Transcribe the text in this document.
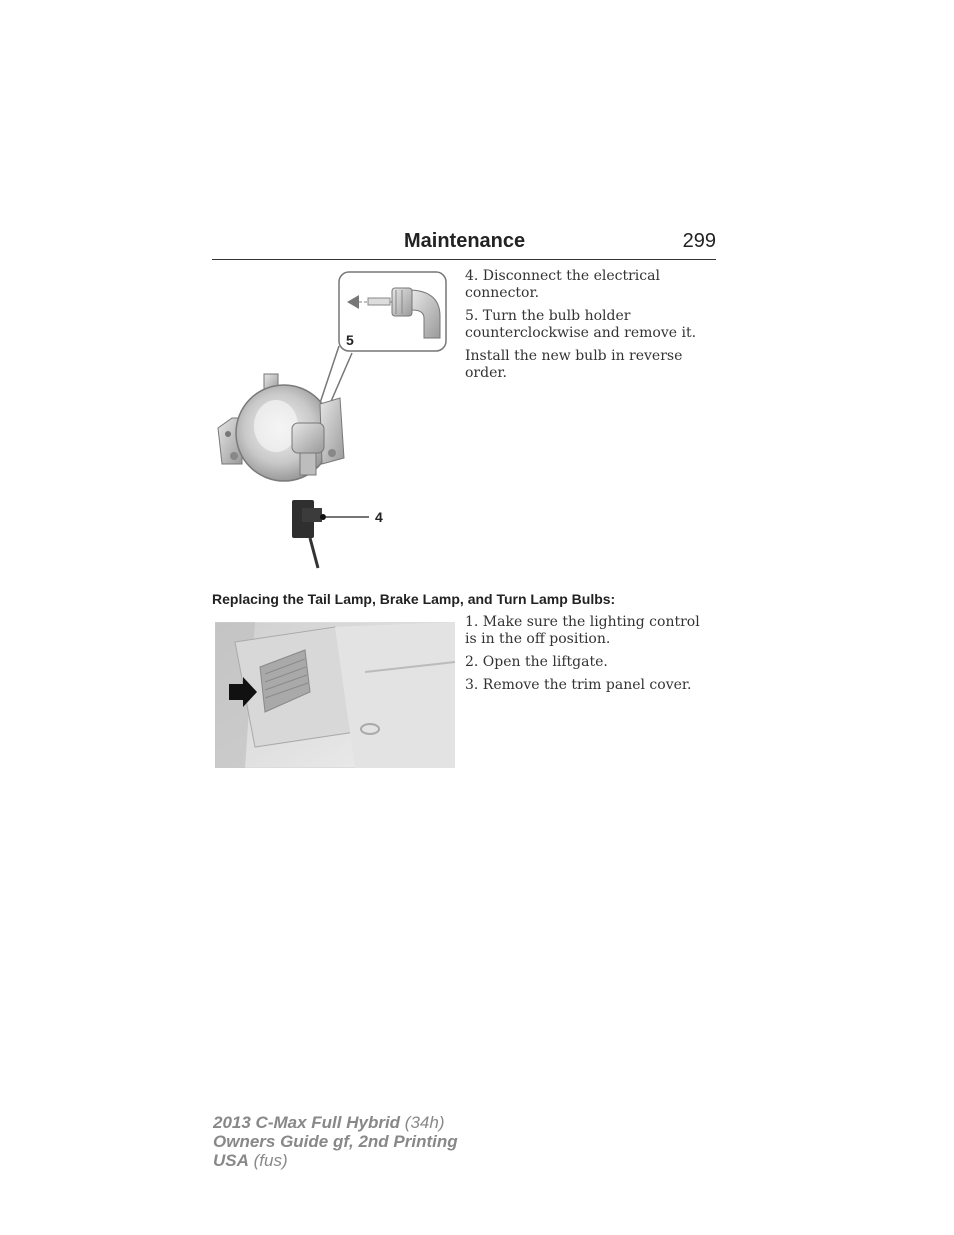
Maintenance	299
5
4

4. Disconnect the electrical connector.

5. Turn the bulb holder counterclockwise and remove it.

Install the new bulb in reverse order.

Replacing the Tail Lamp, Brake Lamp, and Turn Lamp Bulbs:

1. Make sure the lighting control is in the off position.

2. Open the liftgate.

3. Remove the trim panel cover.

2013 C-Max Full Hybrid (34h)
Owners Guide gf, 2nd Printing
USA (fus)
